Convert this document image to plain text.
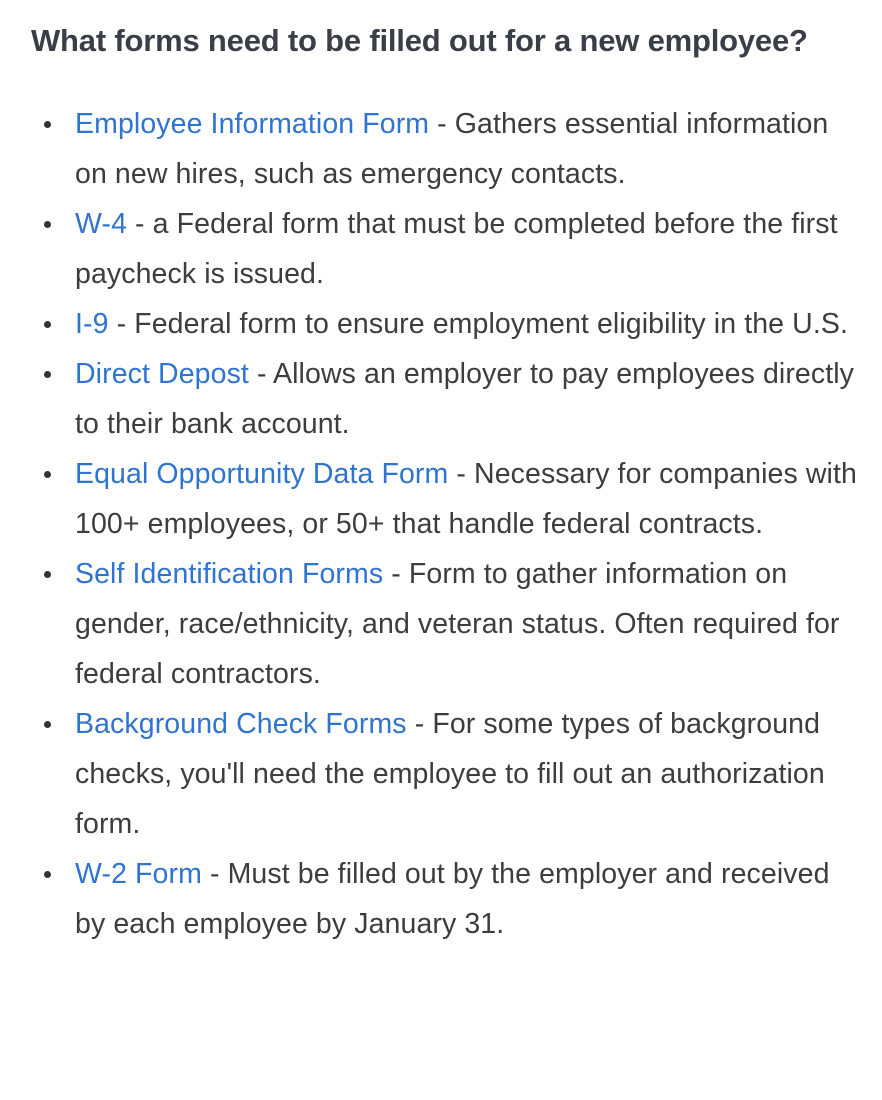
What forms need to be filled out for a new employee?
Employee Information Form - Gathers essential information on new hires, such as emergency contacts.
W-4 - a Federal form that must be completed before the first paycheck is issued.
I-9 - Federal form to ensure employment eligibility in the U.S.
Direct Depost - Allows an employer to pay employees directly to their bank account.
Equal Opportunity Data Form - Necessary for companies with 100+ employees, or 50+ that handle federal contracts.
Self Identification Forms - Form to gather information on gender, race/ethnicity, and veteran status. Often required for federal contractors.
Background Check Forms - For some types of background checks, you'll need the employee to fill out an authorization form.
W-2 Form - Must be filled out by the employer and received by each employee by January 31.
